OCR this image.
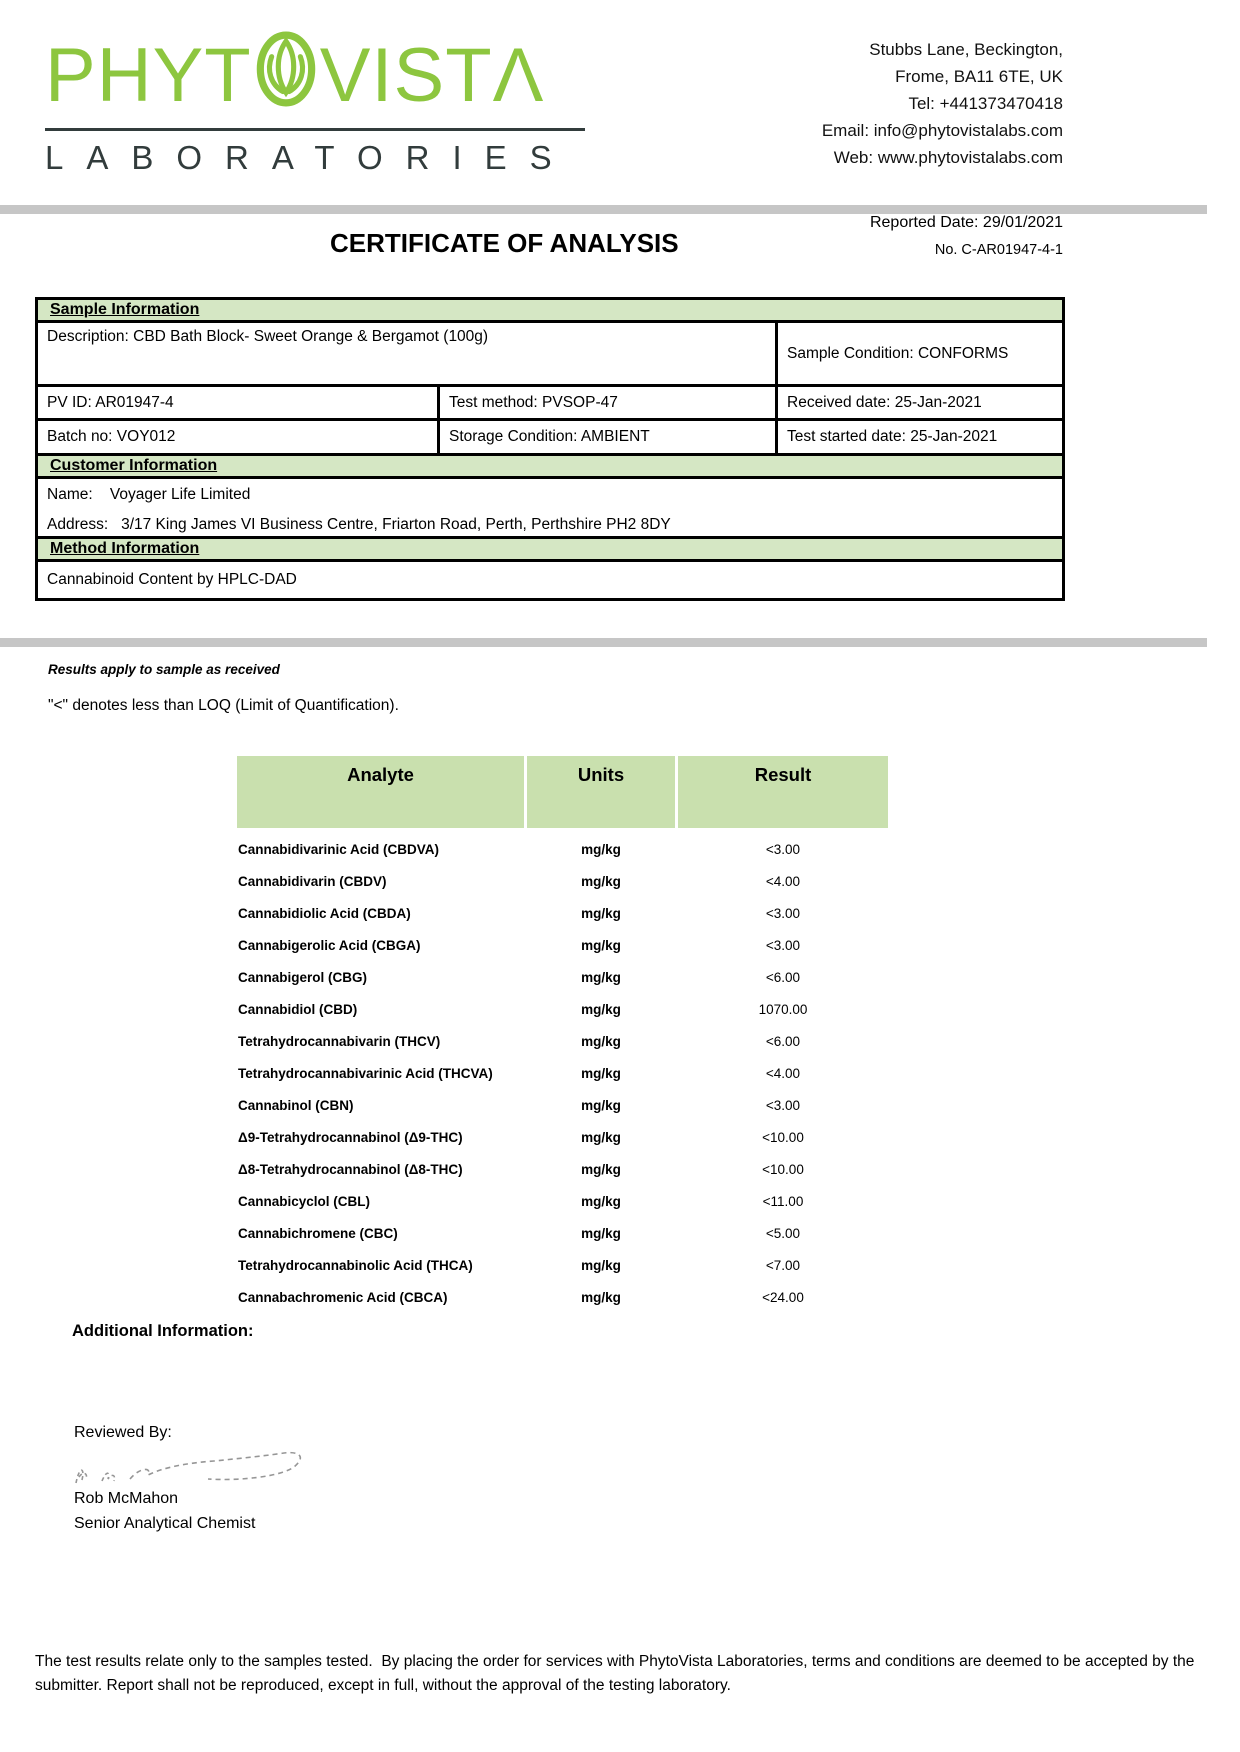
PHYT VISTΛ
LABORATORIES
Stubbs Lane, Beckington,
Frome, BA11 6TE, UK
Tel: +441373470418
Email: info@phytovistalabs.com
Web: www.phytovistalabs.com
Reported Date: 29/01/2021
No. C-AR01947-4-1
CERTIFICATE OF ANALYSIS
Sample Information
Description: CBD Bath Block- Sweet Orange & Bergamot (100g)
Sample Condition: CONFORMS
PV ID: AR01947-4	Test method: PVSOP-47	Received date: 25-Jan-2021
Batch no: VOY012	Storage Condition: AMBIENT	Test started date: 25-Jan-2021
Customer Information
Name:    Voyager Life Limited
Address:   3/17 King James VI Business Centre, Friarton Road, Perth, Perthshire PH2 8DY
Method Information
Cannabinoid Content by HPLC-DAD
Results apply to sample as received
"<" denotes less than LOQ (Limit of Quantification).
Analyte	Units	Result
Cannabidivarinic Acid (CBDVA)	mg/kg	<3.00
Cannabidivarin (CBDV)	mg/kg	<4.00
Cannabidiolic Acid (CBDA)	mg/kg	<3.00
Cannabigerolic Acid (CBGA)	mg/kg	<3.00
Cannabigerol (CBG)	mg/kg	<6.00
Cannabidiol (CBD)	mg/kg	1070.00
Tetrahydrocannabivarin (THCV)	mg/kg	<6.00
Tetrahydrocannabivarinic Acid (THCVA)	mg/kg	<4.00
Cannabinol (CBN)	mg/kg	<3.00
Δ9-Tetrahydrocannabinol (Δ9-THC)	mg/kg	<10.00
Δ8-Tetrahydrocannabinol (Δ8-THC)	mg/kg	<10.00
Cannabicyclol (CBL)	mg/kg	<11.00
Cannabichromene (CBC)	mg/kg	<5.00
Tetrahydrocannabinolic Acid (THCA)	mg/kg	<7.00
Cannabachromenic Acid (CBCA)	mg/kg	<24.00
Additional Information:
Reviewed By:
Rob McMahon
Senior Analytical Chemist
The test results relate only to the samples tested.  By placing the order for services with PhytoVista Laboratories, terms and conditions are deemed to be accepted by the submitter. Report shall not be reproduced, except in full, without the approval of the testing laboratory.
